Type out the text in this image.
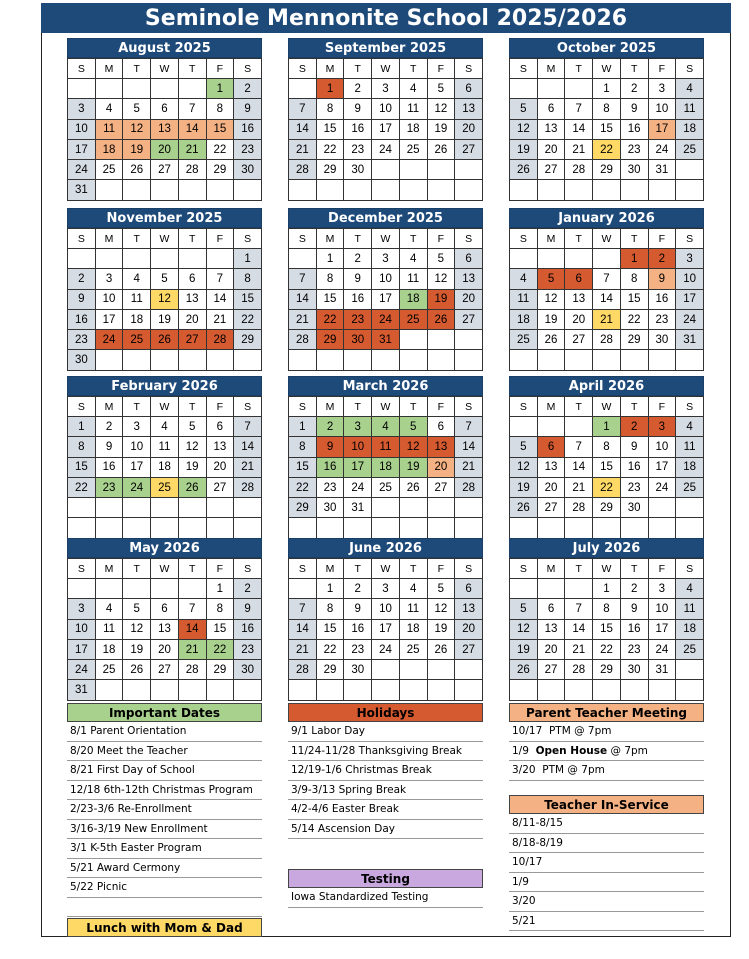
Seminole Mennonite School 2025/2026
August 2025
S	M	T	W	T	F	S
					1	2
3	4	5	6	7	8	9
10	11	12	13	14	15	16
17	18	19	20	21	22	23
24	25	26	27	28	29	30
31						
September 2025
S	M	T	W	T	F	S
	1	2	3	4	5	6
7	8	9	10	11	12	13
14	15	16	17	18	19	20
21	22	23	24	25	26	27
28	29	30				

October 2025
S	M	T	W	T	F	S
			1	2	3	4
5	6	7	8	9	10	11
12	13	14	15	16	17	18
19	20	21	22	23	24	25
26	27	28	29	30	31	

November 2025
S	M	T	W	T	F	S
						1
2	3	4	5	6	7	8
9	10	11	12	13	14	15
16	17	18	19	20	21	22
23	24	25	26	27	28	29
30						
December 2025
S	M	T	W	T	F	S
	1	2	3	4	5	6
7	8	9	10	11	12	13
14	15	16	17	18	19	20
21	22	23	24	25	26	27
28	29	30	31			

January 2026
S	M	T	W	T	F	S
				1	2	3
4	5	6	7	8	9	10
11	12	13	14	15	16	17
18	19	20	21	22	23	24
25	26	27	28	29	30	31

February 2026
S	M	T	W	T	F	S
1	2	3	4	5	6	7
8	9	10	11	12	13	14
15	16	17	18	19	20	21
22	23	24	25	26	27	28

March 2026
S	M	T	W	T	F	S
1	2	3	4	5	6	7
8	9	10	11	12	13	14
15	16	17	18	19	20	21
22	23	24	25	26	27	28
29	30	31				

April 2026
S	M	T	W	T	F	S
			1	2	3	4
5	6	7	8	9	10	11
12	13	14	15	16	17	18
19	20	21	22	23	24	25
26	27	28	29	30		

May 2026
S	M	T	W	T	F	S
					1	2
3	4	5	6	7	8	9
10	11	12	13	14	15	16
17	18	19	20	21	22	23
24	25	26	27	28	29	30
31						
June 2026
S	M	T	W	T	F	S
	1	2	3	4	5	6
7	8	9	10	11	12	13
14	15	16	17	18	19	20
21	22	23	24	25	26	27
28	29	30				

July 2026
S	M	T	W	T	F	S
			1	2	3	4
5	6	7	8	9	10	11
12	13	14	15	16	17	18
19	20	21	22	23	24	25
26	27	28	29	30	31	

Important Dates
8/1 Parent Orientation
8/20 Meet the Teacher
8/21 First Day of School
12/18 6th-12th Christmas Program
2/23-3/6 Re-Enrollment
3/16-3/19 New Enrollment
3/1 K-5th Easter Program
5/21 Award Cermony
5/22 Picnic
Lunch with Mom & Dad
Holidays
9/1 Labor Day
11/24-11/28 Thanksgiving Break
12/19-1/6 Christmas Break
3/9-3/13 Spring Break
4/2-4/6 Easter Break
5/14 Ascension Day
Testing
Iowa Standardized Testing
Parent Teacher Meeting
10/17 PTM @ 7pm
1/9 Open House @ 7pm
3/20 PTM @ 7pm
Teacher In-Service
8/11-8/15
8/18-8/19
10/17
1/9
3/20
5/21
